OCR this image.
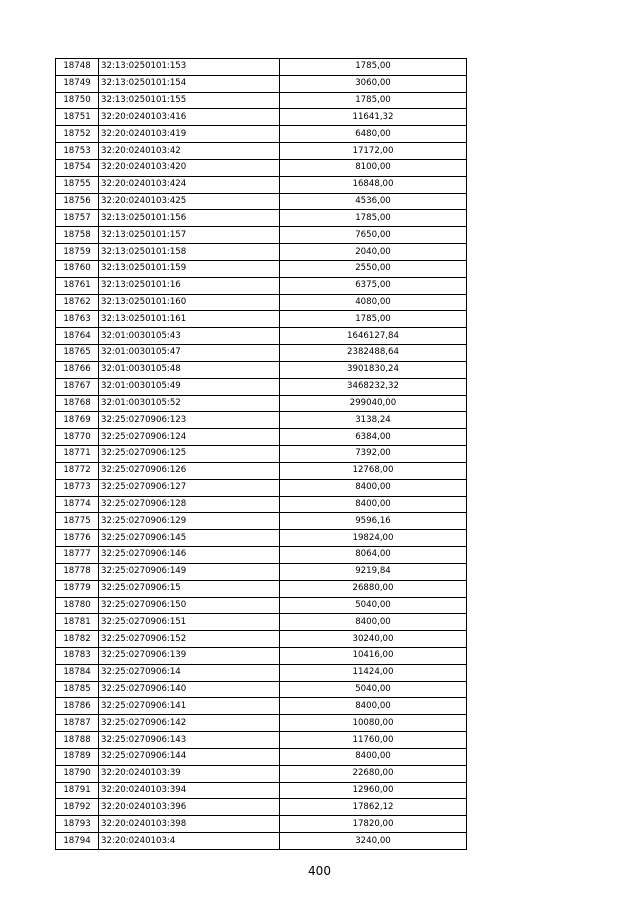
18748	32:13:0250101:153	1785,00
18749	32:13:0250101:154	3060,00
18750	32:13:0250101:155	1785,00
18751	32:20:0240103:416	11641,32
18752	32:20:0240103:419	6480,00
18753	32:20:0240103:42	17172,00
18754	32:20:0240103:420	8100,00
18755	32:20:0240103:424	16848,00
18756	32:20:0240103:425	4536,00
18757	32:13:0250101:156	1785,00
18758	32:13:0250101:157	7650,00
18759	32:13:0250101:158	2040,00
18760	32:13:0250101:159	2550,00
18761	32:13:0250101:16	6375,00
18762	32:13:0250101:160	4080,00
18763	32:13:0250101:161	1785,00
18764	32:01:0030105:43	1646127,84
18765	32:01:0030105:47	2382488,64
18766	32:01:0030105:48	3901830,24
18767	32:01:0030105:49	3468232,32
18768	32:01:0030105:52	299040,00
18769	32:25:0270906:123	3138,24
18770	32:25:0270906:124	6384,00
18771	32:25:0270906:125	7392,00
18772	32:25:0270906:126	12768,00
18773	32:25:0270906:127	8400,00
18774	32:25:0270906:128	8400,00
18775	32:25:0270906:129	9596,16
18776	32:25:0270906:145	19824,00
18777	32:25:0270906:146	8064,00
18778	32:25:0270906:149	9219,84
18779	32:25:0270906:15	26880,00
18780	32:25:0270906:150	5040,00
18781	32:25:0270906:151	8400,00
18782	32:25:0270906:152	30240,00
18783	32:25:0270906:139	10416,00
18784	32:25:0270906:14	11424,00
18785	32:25:0270906:140	5040,00
18786	32:25:0270906:141	8400,00
18787	32:25:0270906:142	10080,00
18788	32:25:0270906:143	11760,00
18789	32:25:0270906:144	8400,00
18790	32:20:0240103:39	22680,00
18791	32:20:0240103:394	12960,00
18792	32:20:0240103:396	17862,12
18793	32:20:0240103:398	17820,00
18794	32:20:0240103:4	3240,00
400
